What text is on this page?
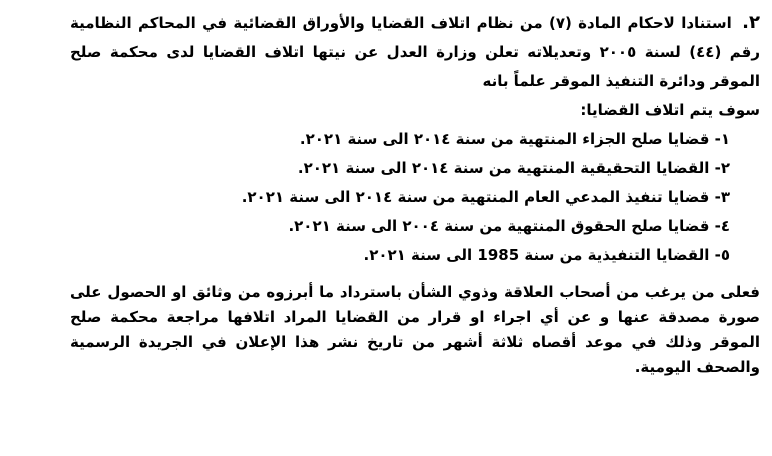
٢. استنادا لاحكام المادة (٧) من نظام اتلاف القضايا والأوراق القضائية في المحاكم النظامية رقم (٤٤) لسنة ٢٠٠٥ وتعديلاته تعلن وزارة العدل عن نيتها اتلاف القضايا لدى محكمة صلح الموقر ودائرة التنفيذ الموقر علماً بانه

سوف يتم اتلاف القضايا:
١- قضايا صلح الجزاء المنتهية من سنة ٢٠١٤ الى سنة ٢٠٢١.
٢- القضايا التحقيقية المنتهية من سنة ٢٠١٤ الى سنة ٢٠٢١.
٣- قضايا تنفيذ المدعي العام المنتهية من سنة ٢٠١٤ الى سنة ٢٠٢١.
٤- قضايا صلح الحقوق المنتهية من سنة ٢٠٠٤ الى سنة ٢٠٢١.
٥- القضايا التنفيذية من سنة 1985 الى سنة ٢٠٢١.

فعلى من يرغب من أصحاب العلاقة وذوي الشأن باسترداد ما أبرزوه من وثائق او الحصول على صورة مصدقة عنها و عن أي اجراء او قرار من القضايا المراد اتلافها مراجعة محكمة صلح الموقر وذلك في موعد أقصاه ثلاثة أشهر من تاريخ نشر هذا الإعلان في الجريدة الرسمية والصحف اليومية.
